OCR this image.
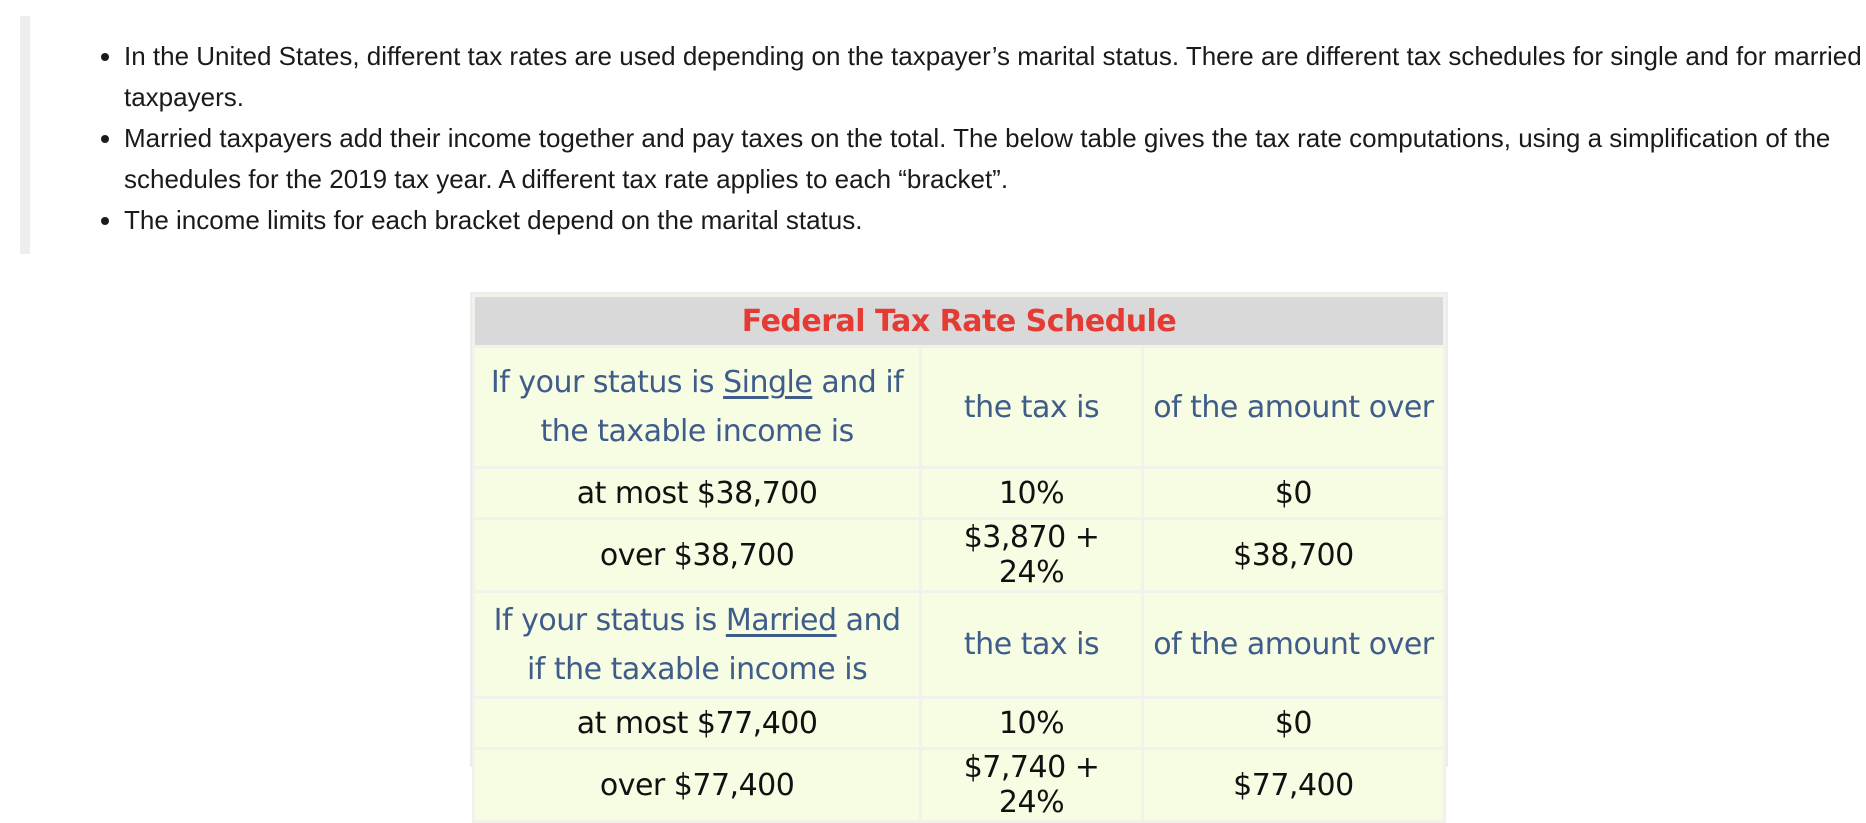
• In the United States, different tax rates are used depending on the taxpayer’s marital status. There are different tax schedules for single and for married taxpayers.
• Married taxpayers add their income together and pay taxes on the total. The below table gives the tax rate computations, using a simplification of the schedules for the 2019 tax year. A different tax rate applies to each “bracket”.
• The income limits for each bracket depend on the marital status.
Federal Tax Rate Schedule		
If your status is Single and if the taxable income is	the tax is	of the amount over
at most $38,700	10%	$0
over $38,700	$3,870 + 24%	$38,700
If your status is Married and if the taxable income is	the tax is	of the amount over
at most $77,400	10%	$0
over $77,400	$7,740 + 24%	$77,400
